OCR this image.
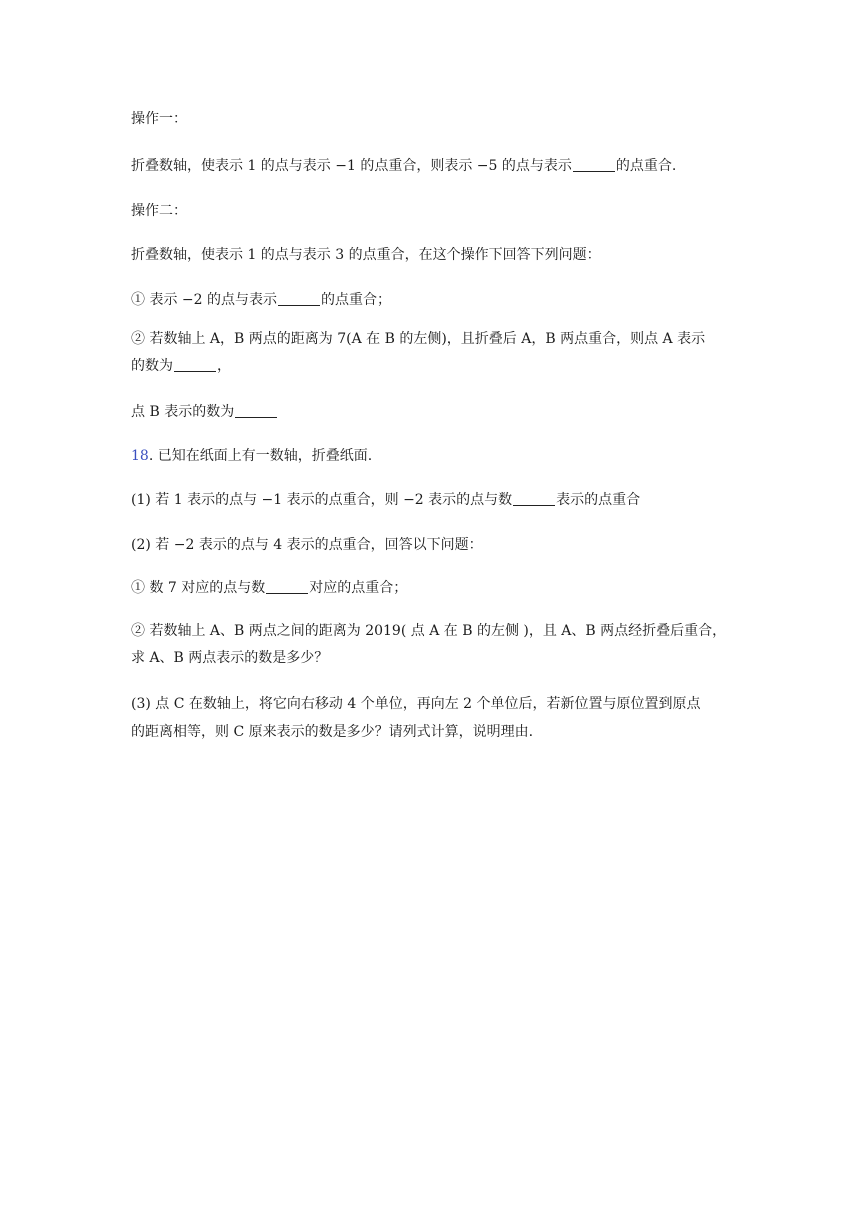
操作一：
折叠数轴，使表示 1 的点与表示 −1 的点重合，则表示 −5 的点与表示	的点重合.
操作二：
折叠数轴，使表示 1 的点与表示 3 的点重合，在这个操作下回答下列问题：
① 表示 −2 的点与表示	的点重合；
② 若数轴上 A，B 两点的距离为 7(A 在 B 的左侧)，且折叠后 A，B 两点重合，则点 A 表示
的数为	，
点 B 表示的数为
18. 已知在纸面上有一数轴，折叠纸面.
(1) 若 1 表示的点与 −1 表示的点重合，则 −2 表示的点与数	表示的点重合
(2) 若 −2 表示的点与 4 表示的点重合，回答以下问题：
① 数 7 对应的点与数	对应的点重合；
② 若数轴上 A、B 两点之间的距离为 2019( 点 A 在 B 的左侧 )，且 A、B 两点经折叠后重合，
求 A、B 两点表示的数是多少？
(3) 点 C 在数轴上，将它向右移动 4 个单位，再向左 2 个单位后，若新位置与原位置到原点
的距离相等，则 C 原来表示的数是多少？请列式计算，说明理由.
